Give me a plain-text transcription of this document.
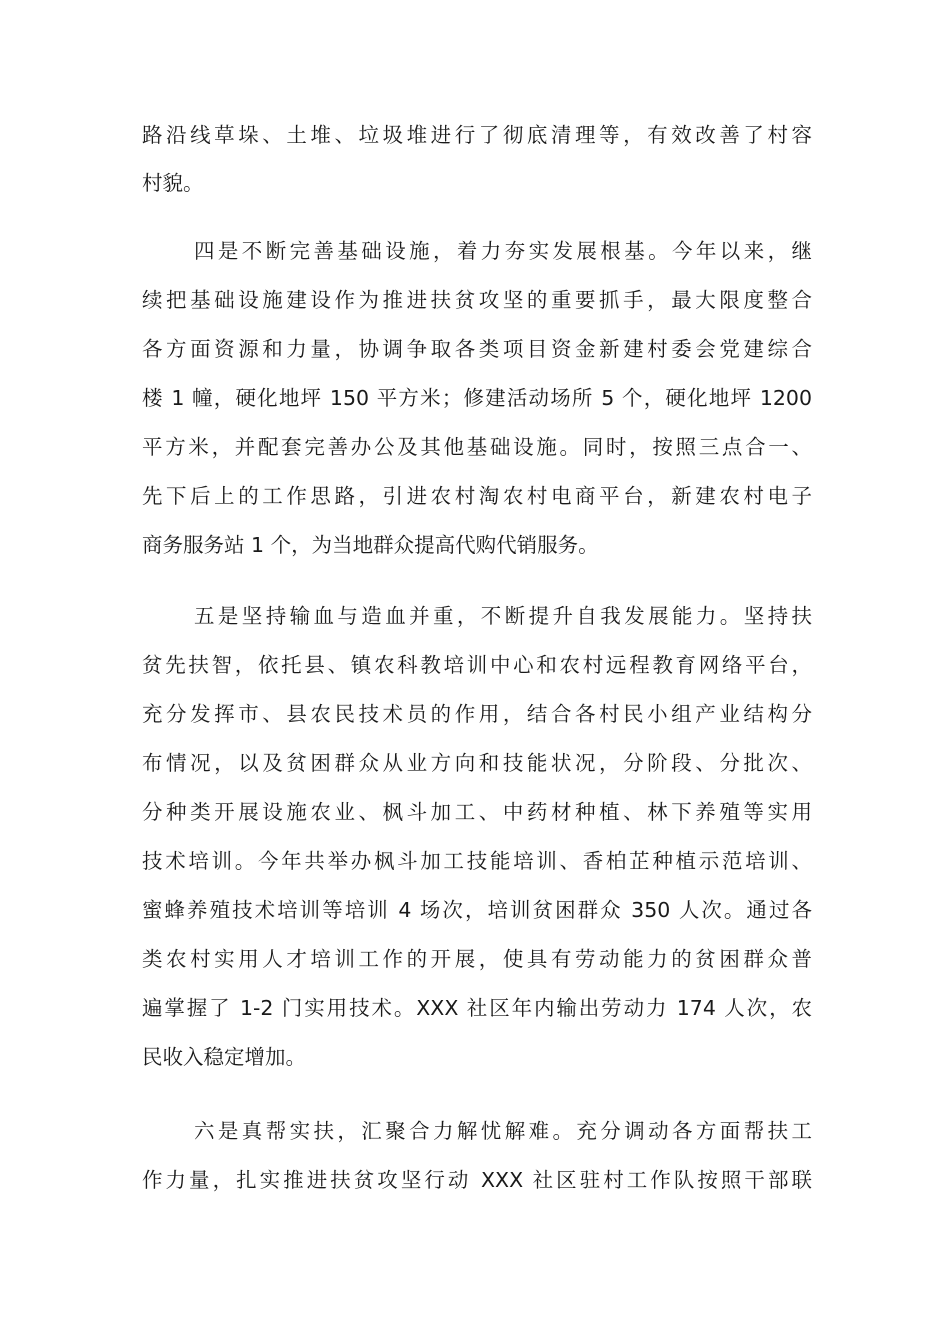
路沿线草垛、土堆、垃圾堆进行了彻底清理等，有效改善了村容
村貌。
四是不断完善基础设施，着力夯实发展根基。今年以来，继
续把基础设施建设作为推进扶贫攻坚的重要抓手，最大限度整合
各方面资源和力量，协调争取各类项目资金新建村委会党建综合
楼 1 幢，硬化地坪 150 平方米；修建活动场所 5 个，硬化地坪 1200
平方米，并配套完善办公及其他基础设施。同时，按照三点合一、
先下后上的工作思路，引进农村淘农村电商平台，新建农村电子
商务服务站 1 个，为当地群众提高代购代销服务。
五是坚持输血与造血并重，不断提升自我发展能力。坚持扶
贫先扶智，依托县、镇农科教培训中心和农村远程教育网络平台，
充分发挥市、县农民技术员的作用，结合各村民小组产业结构分
布情况，以及贫困群众从业方向和技能状况，分阶段、分批次、
分种类开展设施农业、枫斗加工、中药材种植、林下养殖等实用
技术培训。今年共举办枫斗加工技能培训、香柏芷种植示范培训、
蜜蜂养殖技术培训等培训 4 场次，培训贫困群众 350 人次。通过各
类农村实用人才培训工作的开展，使具有劳动能力的贫困群众普
遍掌握了 1-2 门实用技术。XXX 社区年内输出劳动力 174 人次，农
民收入稳定增加。
六是真帮实扶，汇聚合力解忧解难。充分调动各方面帮扶工
作力量，扎实推进扶贫攻坚行动 XXX 社区驻村工作队按照干部联
